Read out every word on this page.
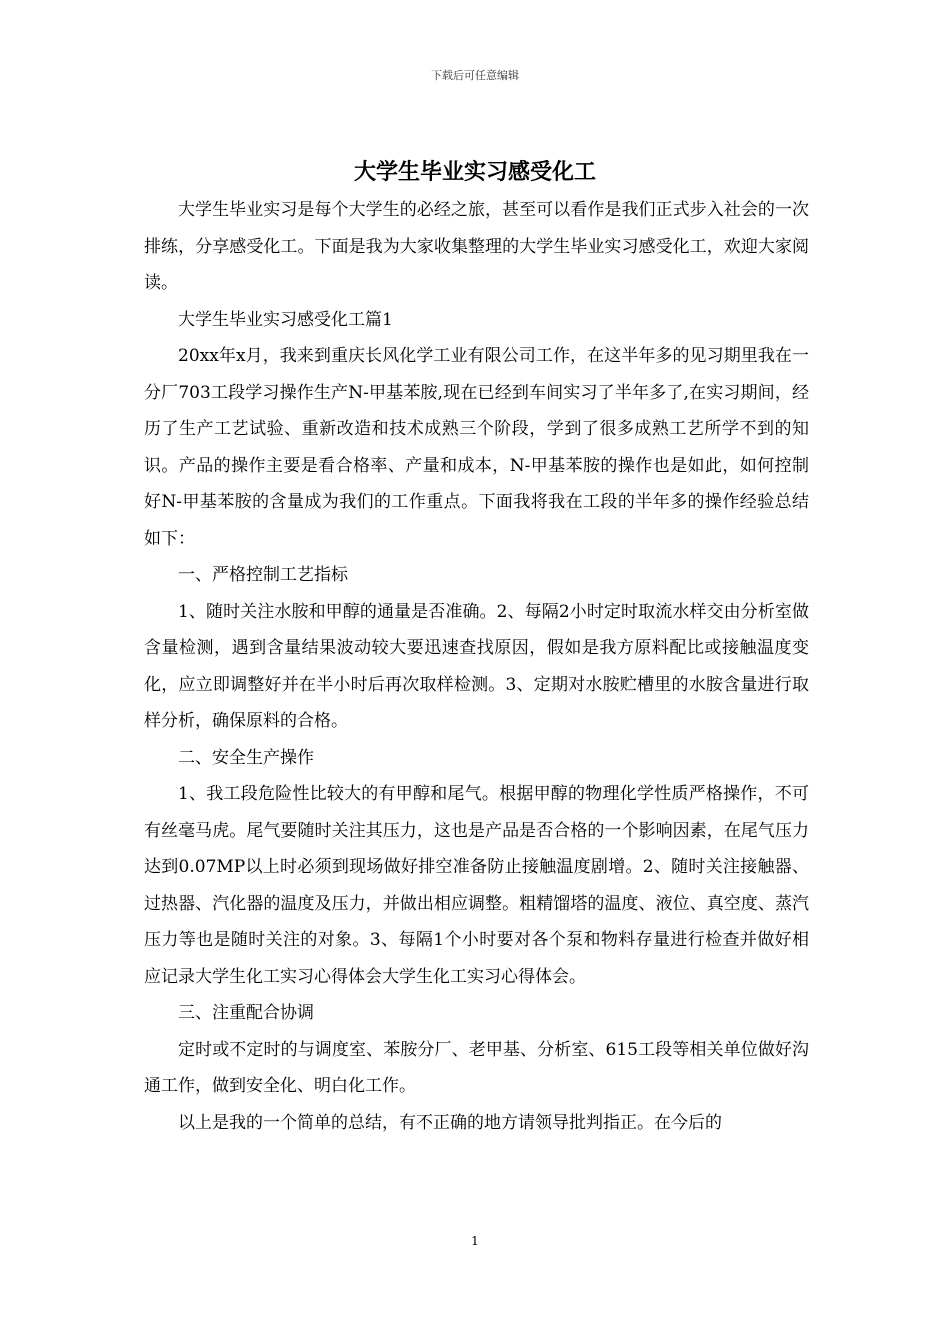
下载后可任意编辑
大学生毕业实习感受化工

大学生毕业实习是每个大学生的必经之旅，甚至可以看作是我们正式步入社会的一次排练，分享感受化工。下面是我为大家收集整理的大学生毕业实习感受化工，欢迎大家阅读。

大学生毕业实习感受化工篇1

20xx年x月，我来到重庆长风化学工业有限公司工作，在这半年多的见习期里我在一分厂703工段学习操作生产N-甲基苯胺,现在已经到车间实习了半年多了,在实习期间，经历了生产工艺试验、重新改造和技术成熟三个阶段，学到了很多成熟工艺所学不到的知识。产品的操作主要是看合格率、产量和成本，N-甲基苯胺的操作也是如此，如何控制好N-甲基苯胺的含量成为我们的工作重点。下面我将我在工段的半年多的操作经验总结如下：

一、严格控制工艺指标

1、随时关注水胺和甲醇的通量是否准确。2、每隔2小时定时取流水样交由分析室做含量检测，遇到含量结果波动较大要迅速查找原因，假如是我方原料配比或接触温度变化，应立即调整好并在半小时后再次取样检测。3、定期对水胺贮槽里的水胺含量进行取样分析，确保原料的合格。

二、安全生产操作

1、我工段危险性比较大的有甲醇和尾气。根据甲醇的物理化学性质严格操作，不可有丝毫马虎。尾气要随时关注其压力，这也是产品是否合格的一个影响因素，在尾气压力达到0.07MP以上时必须到现场做好排空准备防止接触温度剧增。2、随时关注接触器、过热器、汽化器的温度及压力，并做出相应调整。粗精馏塔的温度、液位、真空度、蒸汽压力等也是随时关注的对象。3、每隔1个小时要对各个泵和物料存量进行检查并做好相应记录大学生化工实习心得体会大学生化工实习心得体会。

三、注重配合协调

定时或不定时的与调度室、苯胺分厂、老甲基、分析室、615工段等相关单位做好沟通工作，做到安全化、明白化工作。

以上是我的一个简单的总结，有不正确的地方请领导批判指正。在今后的

1
